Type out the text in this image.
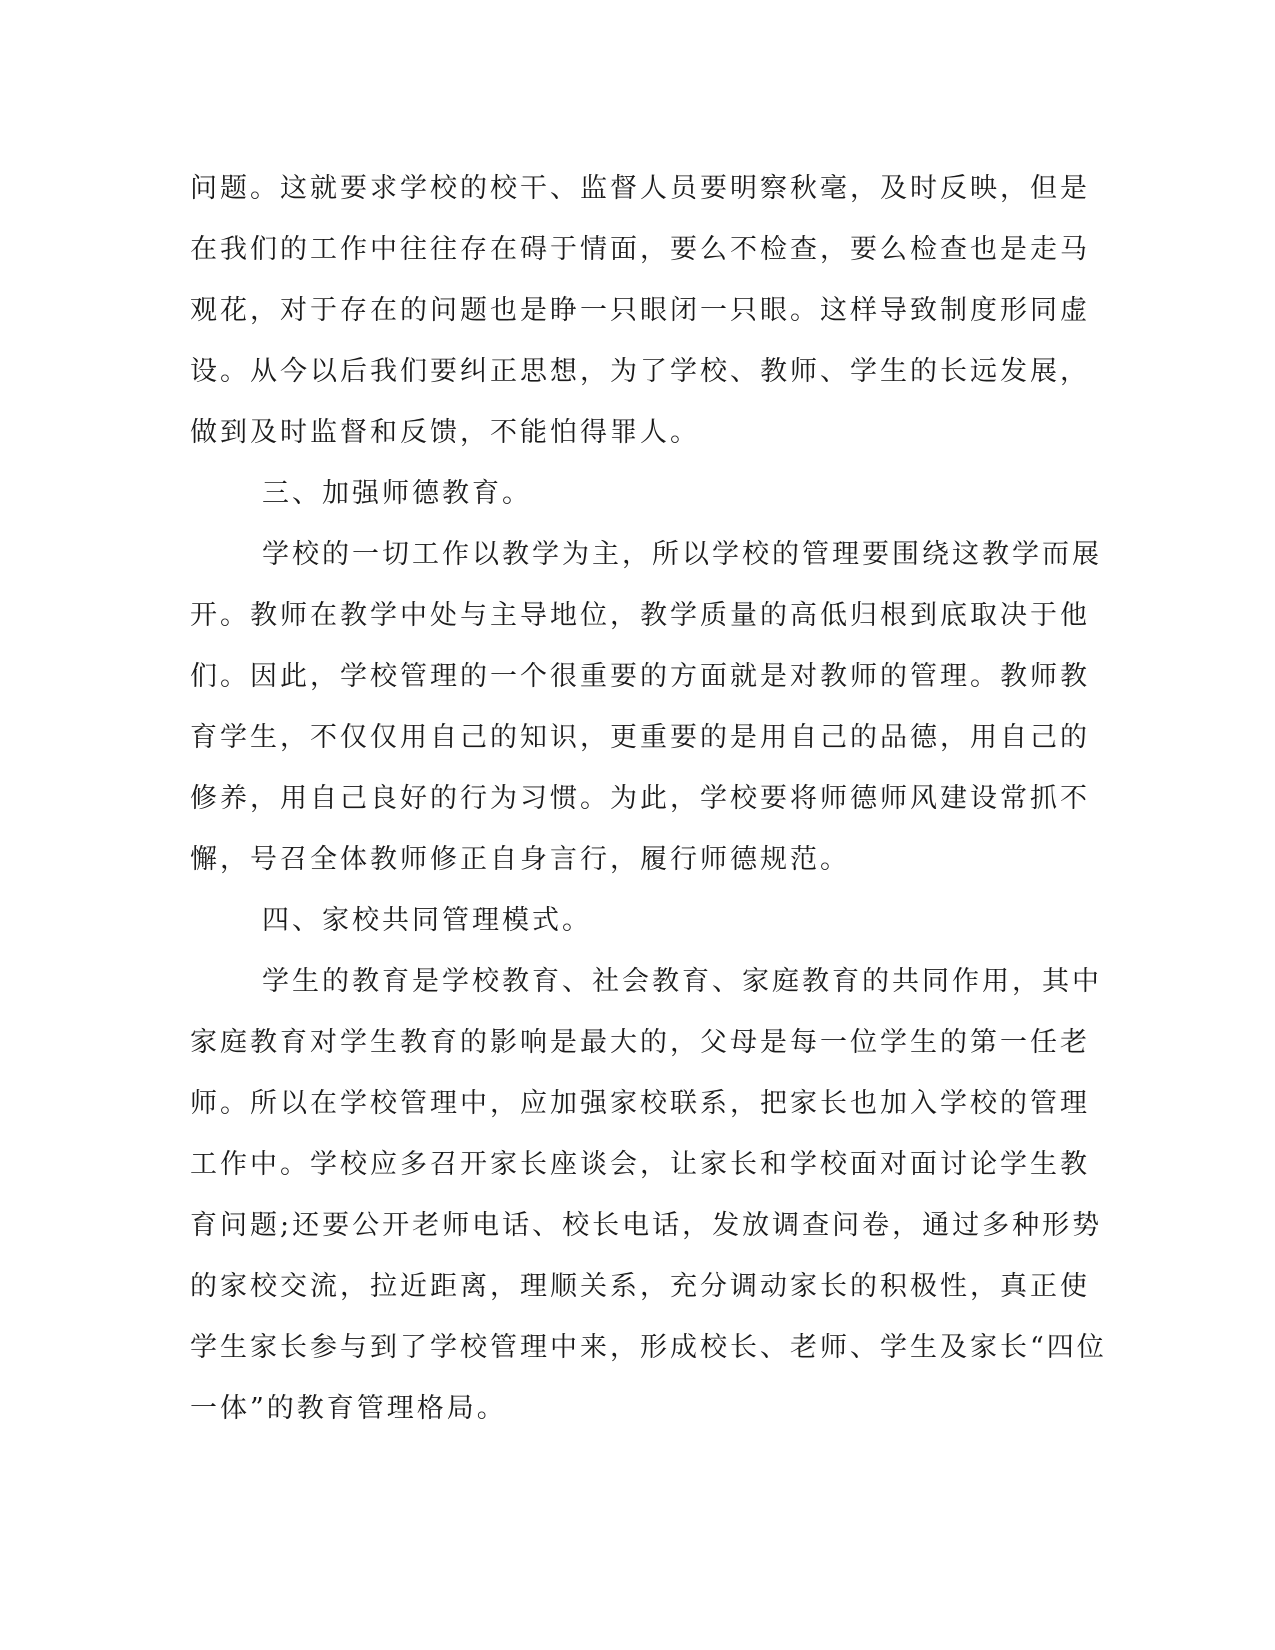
问题。这就要求学校的校干、监督人员要明察秋毫，及时反映，但是
在我们的工作中往往存在碍于情面，要么不检查，要么检查也是走马
观花，对于存在的问题也是睁一只眼闭一只眼。这样导致制度形同虚
设。从今以后我们要纠正思想，为了学校、教师、学生的长远发展，
做到及时监督和反馈，不能怕得罪人。
三、加强师德教育。
学校的一切工作以教学为主，所以学校的管理要围绕这教学而展
开。教师在教学中处与主导地位，教学质量的高低归根到底取决于他
们。因此，学校管理的一个很重要的方面就是对教师的管理。教师教
育学生，不仅仅用自己的知识，更重要的是用自己的品德，用自己的
修养，用自己良好的行为习惯。为此，学校要将师德师风建设常抓不
懈，号召全体教师修正自身言行，履行师德规范。
四、家校共同管理模式。
学生的教育是学校教育、社会教育、家庭教育的共同作用，其中
家庭教育对学生教育的影响是最大的，父母是每一位学生的第一任老
师。所以在学校管理中，应加强家校联系，把家长也加入学校的管理
工作中。学校应多召开家长座谈会，让家长和学校面对面讨论学生教
育问题;还要公开老师电话、校长电话，发放调查问卷，通过多种形势
的家校交流，拉近距离，理顺关系，充分调动家长的积极性，真正使
学生家长参与到了学校管理中来，形成校长、老师、学生及家长“四位
一体”的教育管理格局。
